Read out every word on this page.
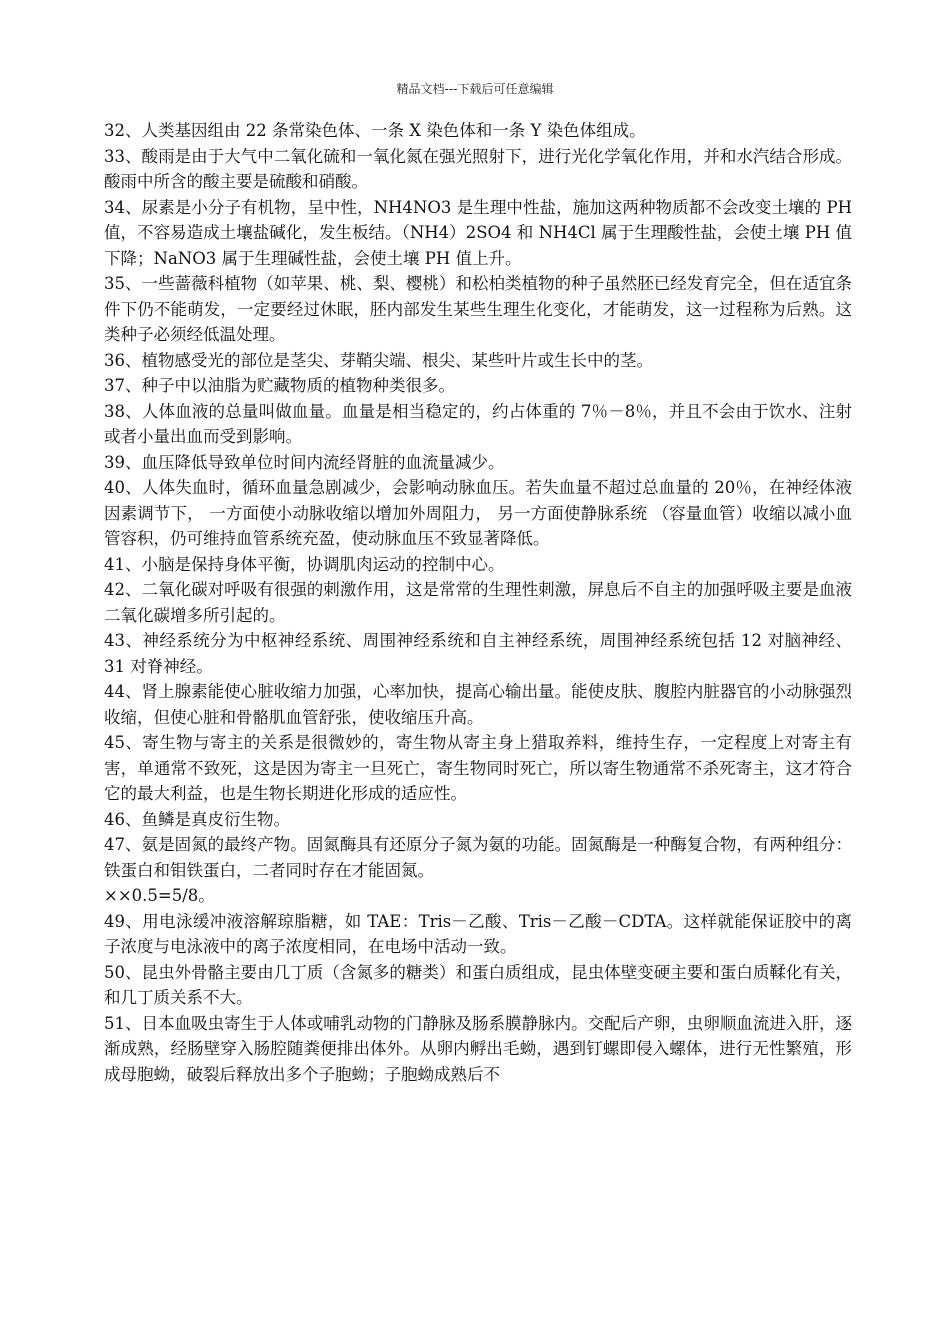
精品文档---下载后可任意编辑

32、人类基因组由 22 条常染色体、一条 X 染色体和一条 Y 染色体组成。

33、酸雨是由于大气中二氧化硫和一氧化氮在强光照射下，进行光化学氧化作用，并和水汽结合形成。酸雨中所含的酸主要是硫酸和硝酸。

34、尿素是小分子有机物，呈中性，NH4NO3 是生理中性盐，施加这两种物质都不会改变土壤的 PH 值，不容易造成土壤盐碱化，发生板结。（NH4）2SO4 和 NH4Cl 属于生理酸性盐，会使土壤 PH 值下降；NaNO3 属于生理碱性盐，会使土壤 PH 值上升。

35、一些蔷薇科植物（如苹果、桃、梨、樱桃）和松柏类植物的种子虽然胚已经发育完全，但在适宜条件下仍不能萌发，一定要经过休眠，胚内部发生某些生理生化变化，才能萌发，这一过程称为后熟。这类种子必须经低温处理。

36、植物感受光的部位是茎尖、芽鞘尖端、根尖、某些叶片或生长中的茎。

37、种子中以油脂为贮藏物质的植物种类很多。

38、人体血液的总量叫做血量。血量是相当稳定的，约占体重的 7％－8％，并且不会由于饮水、注射或者小量出血而受到影响。

39、血压降低导致单位时间内流经肾脏的血流量减少。

40、人体失血时，循环血量急剧减少，会影响动脉血压。若失血量不超过总血量的 20％，在神经体液因素调节下， 一方面使小动脉收缩以增加外周阻力， 另一方面使静脉系统 （容量血管）收缩以减小血管容积，仍可维持血管系统充盈，使动脉血压不致显著降低。

41、小脑是保持身体平衡，协调肌肉运动的控制中心。

42、二氧化碳对呼吸有很强的刺激作用，这是常常的生理性刺激，屏息后不自主的加强呼吸主要是血液二氧化碳增多所引起的。

43、神经系统分为中枢神经系统、周围神经系统和自主神经系统，周围神经系统包括 12 对脑神经、31 对脊神经。

44、肾上腺素能使心脏收缩力加强，心率加快，提高心输出量。能使皮肤、腹腔内脏器官的小动脉强烈收缩，但使心脏和骨骼肌血管舒张，使收缩压升高。

45、寄生物与寄主的关系是很微妙的，寄生物从寄主身上猎取养料，维持生存，一定程度上对寄主有害，单通常不致死，这是因为寄主一旦死亡，寄生物同时死亡，所以寄生物通常不杀死寄主，这才符合它的最大利益，也是生物长期进化形成的适应性。

46、鱼鳞是真皮衍生物。

47、氨是固氮的最终产物。固氮酶具有还原分子氮为氨的功能。固氮酶是一种酶复合物，有两种组分：铁蛋白和钼铁蛋白，二者同时存在才能固氮。

××0.5=5/8。

49、用电泳缓冲液溶解琼脂糖，如 TAE：Tris－乙酸、Tris－乙酸－CDTA。这样就能保证胶中的离子浓度与电泳液中的离子浓度相同，在电场中活动一致。

50、昆虫外骨骼主要由几丁质（含氮多的糖类）和蛋白质组成，昆虫体壁变硬主要和蛋白质鞣化有关，和几丁质关系不大。

51、日本血吸虫寄生于人体或哺乳动物的门静脉及肠系膜静脉内。交配后产卵，虫卵顺血流进入肝，逐渐成熟，经肠壁穿入肠腔随粪便排出体外。从卵内孵出毛蚴，遇到钉螺即侵入螺体，进行无性繁殖，形成母胞蚴，破裂后释放出多个子胞蚴；子胞蚴成熟后不
